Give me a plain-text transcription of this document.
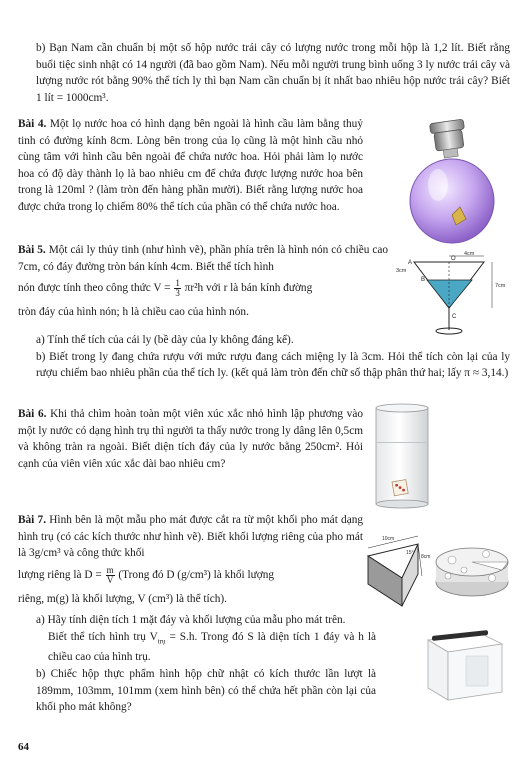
b) Bạn Nam cần chuẩn bị một số hộp nước trái cây có lượng nước trong mỗi hộp là 1,2 lít. Biết rằng buổi tiệc sinh nhật có 14 người (đã bao gồm Nam). Nếu mỗi người trung bình uống 3 ly nước trái cây và lượng nước rót bằng 90% thể tích ly thì bạn Nam cần chuẩn bị ít nhất bao nhiêu hộp nước trái cây? Biết 1 lít = 1000cm³.

Bài 4. Một lọ nước hoa có hình dạng bên ngoài là hình cầu làm bằng thuỷ tinh có đường kính 8cm. Lòng bên trong của lọ cũng là một hình cầu nhỏ cùng tâm với hình cầu bên ngoài để chứa nước hoa. Hỏi phải làm lọ nước hoa có độ dày thành lọ là bao nhiêu cm để chứa được lượng nước hoa bên trong là 120ml ? (làm tròn đến hàng phần mười). Biết rằng lượng nước hoa được chứa trong lọ chiếm 80% thể tích của phần có thể chứa nước hoa.

Bài 5. Một cái ly thủy tinh (như hình vẽ), phần phía trên là hình nón có chiều cao 7cm, có đáy đường tròn bán kính 4cm. Biết thể tích hình

nón được tính theo công thức $V = \frac{1}{3} \pi r^2h$ với r là bán kính đường

tròn đáy của hình nón; h là chiều cao của hình nón.

a) Tính thể tích của cái ly (bề dày của ly không đáng kể).

b) Biết trong ly đang chứa rượu với mức rượu đang cách miệng ly là 3cm. Hỏi thể tích còn lại của ly rượu chiếm bao nhiêu phần của thể tích ly. (kết quả làm tròn đến chữ số thập phân thứ hai; lấy π ≈ 3,14.)

4cm
3cm
7cm
A
O
B
C

Bài 6. Khi thả chìm hoàn toàn một viên xúc xắc nhỏ hình lập phương vào một ly nước có dạng hình trụ thì người ta thấy nước trong ly dâng lên 0,5cm và không tràn ra ngoài. Biết diện tích đáy của ly nước bằng 250cm². Hỏi cạnh của viên viên xúc xắc dài bao nhiêu cm?

Bài 7. Hình bên là một mẫu pho mát được cắt ra từ một khối pho mát dạng hình trụ (có các kích thước như hình vẽ). Biết khối lượng riêng của pho mát là 3g/cm³ và công thức khối

lượng riêng là $D = \frac{m}{V}$ (Trong đó D (g/cm³) là khối lượng

riêng, m(g) là khối lượng, V (cm³) là thể tích).

a) Hãy tính diện tích 1 mặt đáy và khối lượng của mẫu pho mát trên.

Biết thể tích hình trụ $V_{trụ} = S.h$. Trong đó S là diện tích 1 đáy và h là chiều cao của hình trụ.

b) Chiếc hộp thực phẩm hình hộp chữ nhật có kích thước lần lượt là 189mm, 103mm, 101mm (xem hình bên) có thể chứa hết phần còn lại của khối pho mát không?

10cm
15°
8cm
64
